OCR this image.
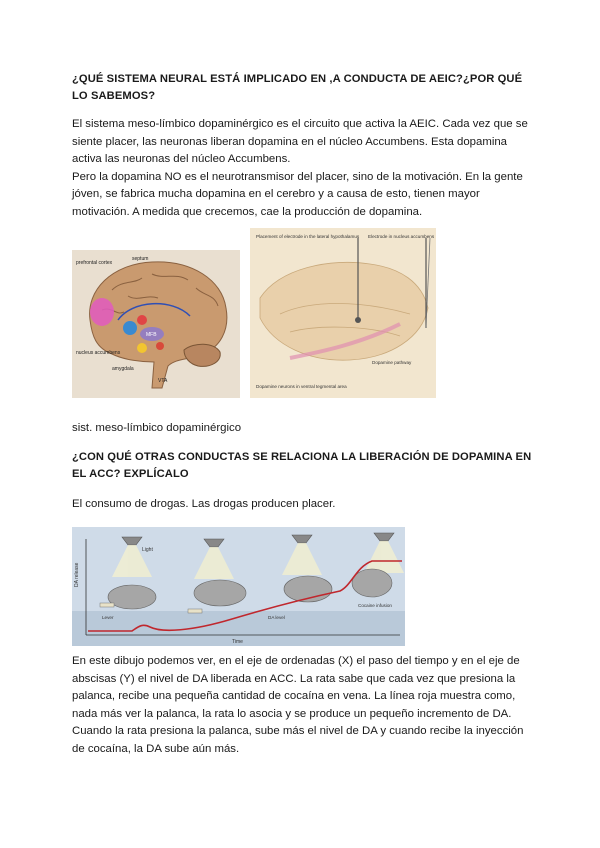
¿QUÉ SISTEMA NEURAL ESTÁ IMPLICADO EN ,A CONDUCTA DE AEIC?¿POR QUÉ LO SABEMOS?

El sistema meso-límbico dopaminérgico es el circuito que activa la AEIC. Cada vez que se siente placer, las neuronas liberan dopamina en el núcleo Accumbens. Esta dopamina activa las neuronas del núcleo Accumbens.

Pero la dopamina NO es el neurotransmisor del placer, sino de la motivación. En la gente jóven, se fabrica mucha dopamina en el cerebro y a causa de esto, tienen mayor motivación. A medida que crecemos, cae la producción de dopamina.

prefrontal cortex
septum
nucleus accumbens
amygdala
VTA
MFB
Placement of electrode in the lateral hypothalamus Electrode in nucleus accumbens
Dopamine neurons in ventral tegmental area
Dopamine pathway
sist. meso-límbico dopaminérgico
¿CON QUÉ OTRAS CONDUCTAS SE RELACIONA LA LIBERACIÓN DE DOPAMINA EN EL ACC? EXPLÍCALO
El consumo de drogas. Las drogas producen placer.
DA release
Time
Light
Lever	DA level
Cocaine infusion
En este dibujo podemos ver, en el eje de ordenadas (X) el paso del tiempo y en el eje de abscisas (Y) el nivel de DA liberada en ACC. La rata sabe que cada vez que presiona la palanca, recibe una pequeña cantidad de cocaína en vena. La línea roja muestra como, nada más ver la palanca, la rata lo asocia y se produce un pequeño incremento de DA. Cuando la rata presiona la palanca, sube más el nivel de DA y cuando recibe la inyección de cocaína, la DA sube aún más.
